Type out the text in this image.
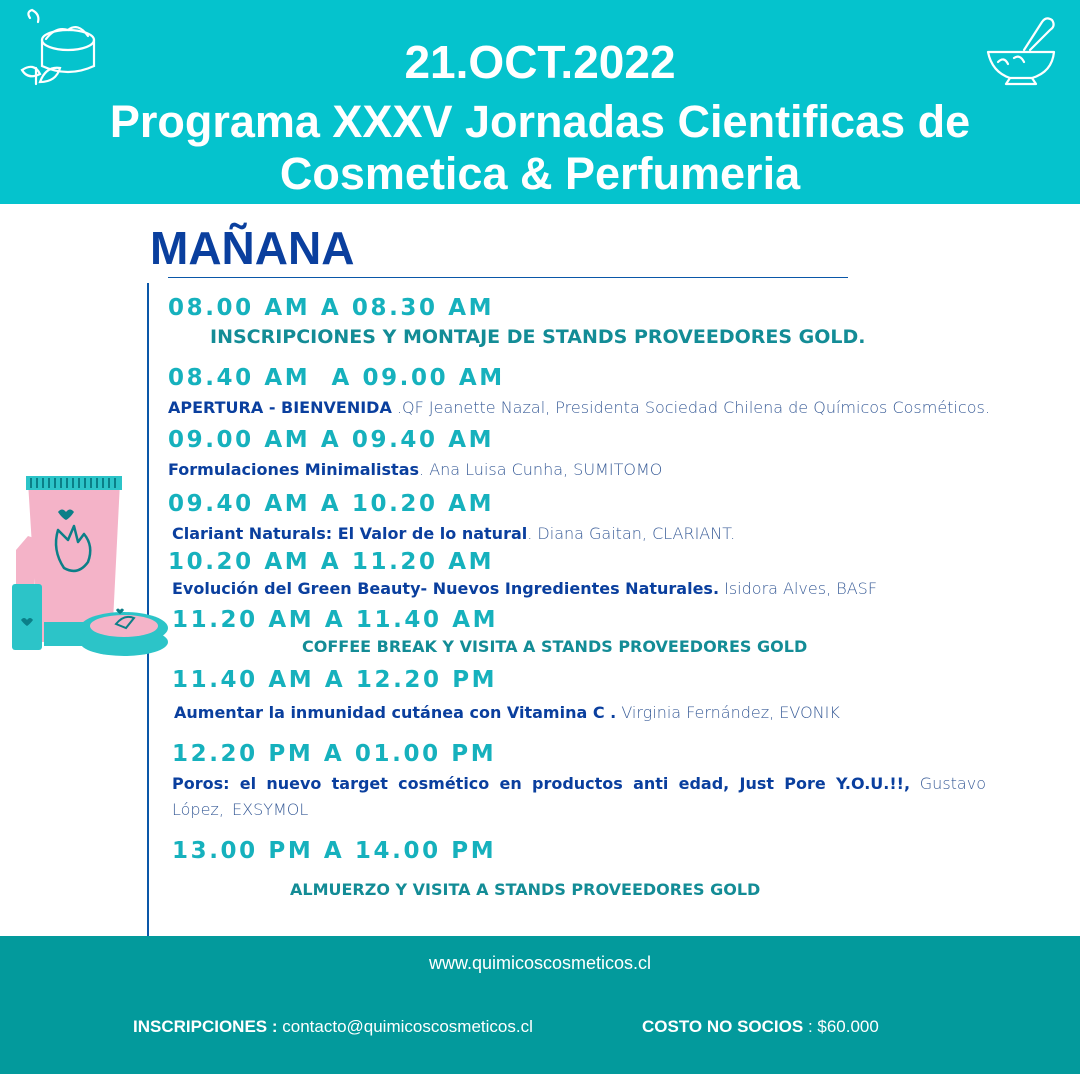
21.OCT.2022
Programa XXXV Jornadas Cientificas de
Cosmetica & Perfumeria
MAÑANA
08.00 AM A 08.30 AM
INSCRIPCIONES Y MONTAJE DE STANDS PROVEEDORES GOLD.
08.40 AM  A 09.00 AM
APERTURA - BIENVENIDA .QF Jeanette Nazal, Presidenta Sociedad Chilena de Químicos Cosméticos.
09.00 AM A 09.40 AM
Formulaciones Minimalistas. Ana Luisa Cunha, SUMITOMO
09.40 AM A 10.20 AM
Clariant Naturals: El Valor de lo natural. Diana Gaitan, CLARIANT.
10.20 AM A 11.20 AM
Evolución del Green Beauty- Nuevos Ingredientes Naturales. Isidora Alves, BASF
11.20 AM A 11.40 AM
COFFEE BREAK Y VISITA A STANDS PROVEEDORES GOLD
11.40 AM A 12.20 PM
Aumentar la inmunidad cutánea con Vitamina C . Virginia Fernández, EVONIK
12.20 PM A 01.00 PM
Poros: el nuevo target cosmético en productos anti edad, Just Pore Y.O.U.!!, Gustavo López, EXSYMOL
13.00 PM A 14.00 PM
ALMUERZO Y VISITA A STANDS PROVEEDORES GOLD
www.quimicoscosmeticos.cl
INSCRIPCIONES : contacto@quimicoscosmeticos.cl	COSTO NO SOCIOS : $60.000
